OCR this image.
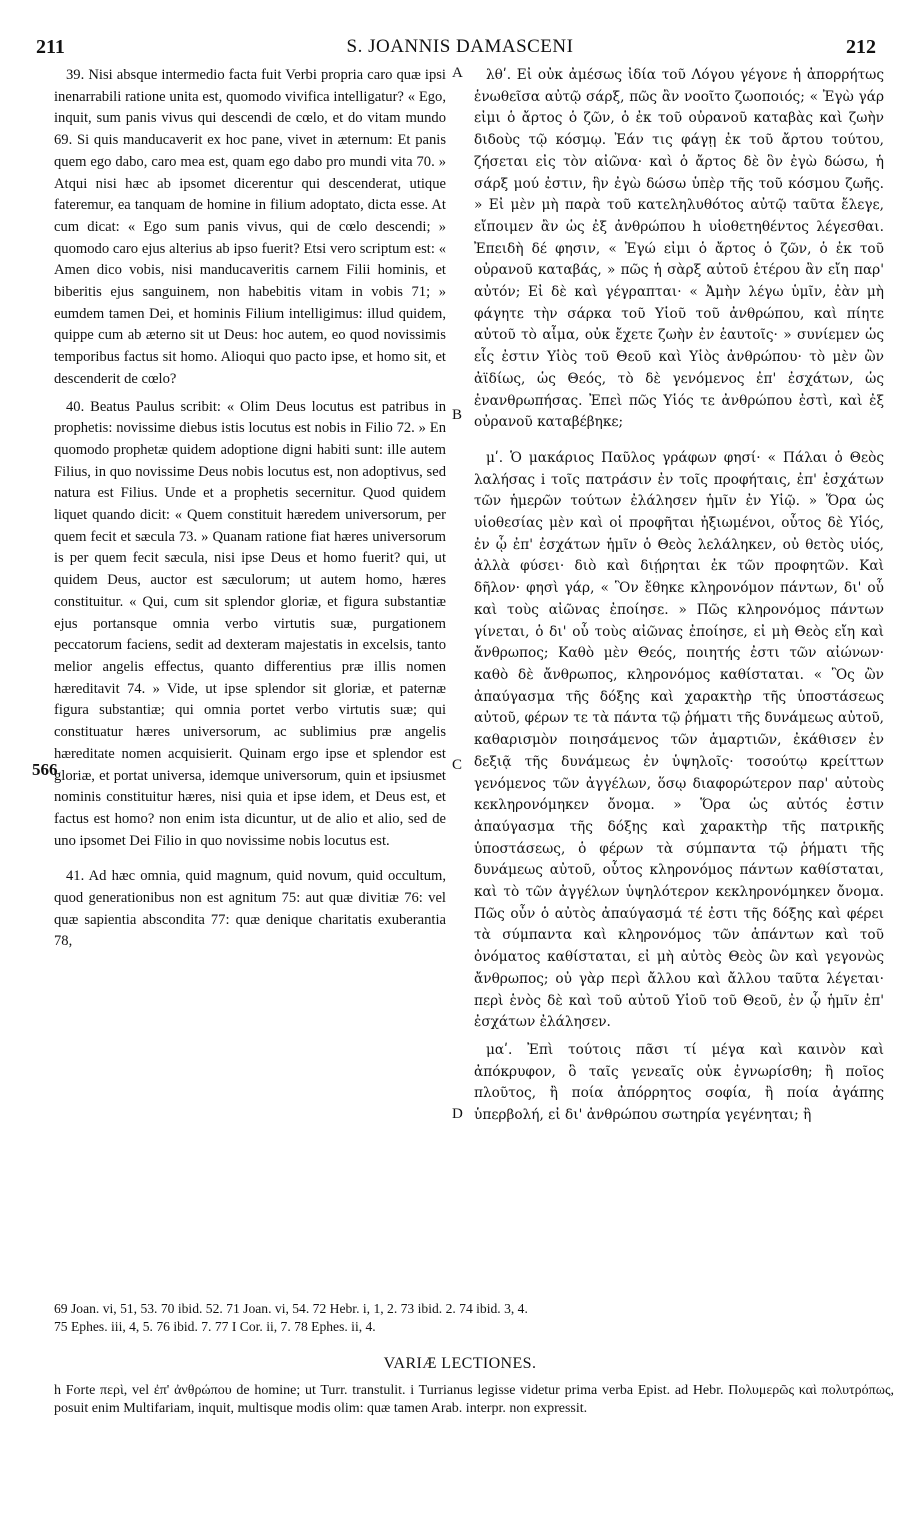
211	S. JOANNIS DAMASCENI	212
566

39. Nisi absque intermedio facta fuit Verbi propria caro quæ ipsi inenarrabili ratione unita est, quomodo vivifica intelligatur? « Ego, inquit, sum panis vivus qui descendi de cœlo, et do vitam mundo 69. Si quis manducaverit ex hoc pane, vivet in æternum: Et panis quem ego dabo, caro mea est, quam ego dabo pro mundi vita 70. » Atqui nisi hæc ab ipsomet dicerentur qui descenderat, utique fateremur, ea tanquam de homine in filium adoptato, dicta esse. At cum dicat: « Ego sum panis vivus, qui de cœlo descendi; » quomodo caro ejus alterius ab ipso fuerit? Etsi vero scriptum est: « Amen dico vobis, nisi manducaveritis carnem Filii hominis, et biberitis ejus sanguinem, non habebitis vitam in vobis 71; » eumdem tamen Dei, et hominis Filium intelligimus: illud quidem, quippe cum ab æterno sit ut Deus: hoc autem, eo quod novissimis temporibus factus sit homo. Alioqui quo pacto ipse, et homo sit, et descenderit de cœlo?

40. Beatus Paulus scribit: « Olim Deus locutus est patribus in prophetis: novissime diebus istis locutus est nobis in Filio 72. » En quomodo prophetæ quidem adoptione digni habiti sunt: ille autem Filius, in quo novissime Deus nobis locutus est, non adoptivus, sed natura est Filius. Unde et a prophetis secernitur. Quod quidem liquet quando dicit: « Quem constituit hæredem universorum, per quem fecit et sæcula 73. » Quanam ratione fiat hæres universorum is per quem fecit sæcula, nisi ipse Deus et homo fuerit? qui, ut quidem Deus, auctor est sæculorum; ut autem homo, hæres constituitur. « Qui, cum sit splendor gloriæ, et figura substantiæ ejus portansque omnia verbo virtutis suæ, purgationem peccatorum faciens, sedit ad dexteram majestatis in excelsis, tanto melior angelis effectus, quanto differentius præ illis nomen hæreditavit 74. » Vide, ut ipse splendor sit gloriæ, et paternæ figura substantiæ; qui omnia portet verbo virtutis suæ; qui constituatur hæres universorum, ac sublimius præ angelis hæreditate nomen acquisierit. Quinam ergo ipse et splendor est gloriæ, et portat universa, idemque universorum, quin et ipsiusmet nominis constituitur hæres, nisi quia et ipse idem, et Deus est, et factus est homo? non enim ista dicuntur, ut de alio et alio, sed de uno ipsomet Dei Filio in quo novissime nobis locutus est.

41. Ad hæc omnia, quid magnum, quid novum, quid occultum, quod generationibus non est agnitum 75: aut quæ divitiæ 76: vel quæ sapientia abscondita 77: quæ denique charitatis exuberantia 78,

A
B
C
D

λθʹ. Εἰ οὐκ ἀμέσως ἰδία τοῦ Λόγου γέγονε ἡ ἀπορρήτως ἑνωθεῖσα αὐτῷ σάρξ, πῶς ἂν νοοῖτο ζωοποιός; « Ἐγὼ γάρ εἰμι ὁ ἄρτος ὁ ζῶν, ὁ ἐκ τοῦ οὐρανοῦ καταβὰς καὶ ζωὴν διδοὺς τῷ κόσμῳ. Ἐάν τις φάγῃ ἐκ τοῦ ἄρτου τούτου, ζήσεται εἰς τὸν αἰῶνα· καὶ ὁ ἄρτος δὲ ὃν ἐγὼ δώσω, ἡ σάρξ μού ἐστιν, ἣν ἐγὼ δώσω ὑπὲρ τῆς τοῦ κόσμου ζωῆς. » Εἰ μὲν μὴ παρὰ τοῦ κατεληλυθότος αὐτῷ ταῦτα ἔλεγε, εἴποιμεν ἂν ὡς ἐξ ἀνθρώπου h υἱοθετηθέντος λέγεσθαι. Ἐπειδὴ δέ φησιν, « Ἐγώ εἰμι ὁ ἄρτος ὁ ζῶν, ὁ ἐκ τοῦ οὐρανοῦ καταβάς, » πῶς ἡ σὰρξ αὐτοῦ ἑτέρου ἂν εἴη παρ' αὐτόν; Εἰ δὲ καὶ γέγραπται· « Ἀμὴν λέγω ὑμῖν, ἐὰν μὴ φάγητε τὴν σάρκα τοῦ Υἱοῦ τοῦ ἀνθρώπου, καὶ πίητε αὐτοῦ τὸ αἷμα, οὐκ ἔχετε ζωὴν ἐν ἑαυτοῖς· » συνίεμεν ὡς εἷς ἐστιν Υἱὸς τοῦ Θεοῦ καὶ Υἱὸς ἀνθρώπου· τὸ μὲν ὢν ἀϊδίως, ὡς Θεός, τὸ δὲ γενόμενος ἐπ' ἐσχάτων, ὡς ἐνανθρωπήσας. Ἐπεὶ πῶς Υἱός τε ἀνθρώπου ἐστὶ, καὶ ἐξ οὐρανοῦ καταβέβηκε;

μʹ. Ὁ μακάριος Παῦλος γράφων φησί· « Πάλαι ὁ Θεὸς λαλήσας i τοῖς πατράσιν ἐν τοῖς προφήταις, ἐπ' ἐσχάτων τῶν ἡμερῶν τούτων ἐλάλησεν ἡμῖν ἐν Υἱῷ. » Ὅρα ὡς υἱοθεσίας μὲν καὶ οἱ προφῆται ἠξιωμένοι, οὗτος δὲ Υἱός, ἐν ᾧ ἐπ' ἐσχάτων ἡμῖν ὁ Θεὸς λελάληκεν, οὐ θετὸς υἱός, ἀλλὰ φύσει· διὸ καὶ διῄρηται ἐκ τῶν προφητῶν. Καὶ δῆλον· φησὶ γάρ, « Ὃν ἔθηκε κληρονόμον πάντων, δι' οὗ καὶ τοὺς αἰῶνας ἐποίησε. » Πῶς κληρονόμος πάντων γίνεται, ὁ δι' οὗ τοὺς αἰῶνας ἐποίησε, εἰ μὴ Θεὸς εἴη καὶ ἄνθρωπος; Καθὸ μὲν Θεός, ποιητής ἐστι τῶν αἰώνων· καθὸ δὲ ἄνθρωπος, κληρονόμος καθίσταται. « Ὃς ὢν ἀπαύγασμα τῆς δόξης καὶ χαρακτὴρ τῆς ὑποστάσεως αὐτοῦ, φέρων τε τὰ πάντα τῷ ῥήματι τῆς δυνάμεως αὐτοῦ, καθαρισμὸν ποιησάμενος τῶν ἁμαρτιῶν, ἐκάθισεν ἐν δεξιᾷ τῆς δυνάμεως ἐν ὑψηλοῖς· τοσούτῳ κρείττων γενόμενος τῶν ἀγγέλων, ὅσῳ διαφορώτερον παρ' αὐτοὺς κεκληρονόμηκεν ὄνομα. » Ὅρα ὡς αὐτός ἐστιν ἀπαύγασμα τῆς δόξης καὶ χαρακτὴρ τῆς πατρικῆς ὑποστάσεως, ὁ φέρων τὰ σύμπαντα τῷ ῥήματι τῆς δυνάμεως αὐτοῦ, οὗτος κληρονόμος πάντων καθίσταται, καὶ τὸ τῶν ἀγγέλων ὑψηλότερον κεκληρονόμηκεν ὄνομα. Πῶς οὖν ὁ αὐτὸς ἀπαύγασμά τέ ἐστι τῆς δόξης καὶ φέρει τὰ σύμπαντα καὶ κληρονόμος τῶν ἁπάντων καὶ τοῦ ὀνόματος καθίσταται, εἰ μὴ αὐτὸς Θεὸς ὢν καὶ γεγονὼς ἄνθρωπος; οὐ γὰρ περὶ ἄλλου καὶ ἄλλου ταῦτα λέγεται· περὶ ἑνὸς δὲ καὶ τοῦ αὐτοῦ Υἱοῦ τοῦ Θεοῦ, ἐν ᾧ ἡμῖν ἐπ' ἐσχάτων ἐλάλησεν.

μαʹ. Ἐπὶ τούτοις πᾶσι τί μέγα καὶ καινὸν καὶ ἀπόκρυφον, ὃ ταῖς γενεαῖς οὐκ ἐγνωρίσθη; ἢ ποῖος πλοῦτος, ἢ ποία ἀπόρρητος σοφία, ἢ ποία ἀγάπης ὑπερβολή, εἰ δι' ἀνθρώπου σωτηρία γεγένηται; ἢ

69 Joan. vi, 51, 53. 70 ibid. 52. 71 Joan. vi, 54. 72 Hebr. i, 1, 2. 73 ibid. 2. 74 ibid. 3, 4.
75 Ephes. iii, 4, 5. 76 ibid. 7. 77 I Cor. ii, 7. 78 Ephes. ii, 4.
VARIÆ LECTIONES.

h Forte περὶ, vel ἐπ' ἀνθρώπου de homine; ut Turr. transtulit. i Turrianus legisse videtur prima verba Epist. ad Hebr. Πολυμερῶς καὶ πολυτρόπως, posuit enim Multifariam, inquit, multisque modis olim: quæ tamen Arab. interpr. non expressit.
